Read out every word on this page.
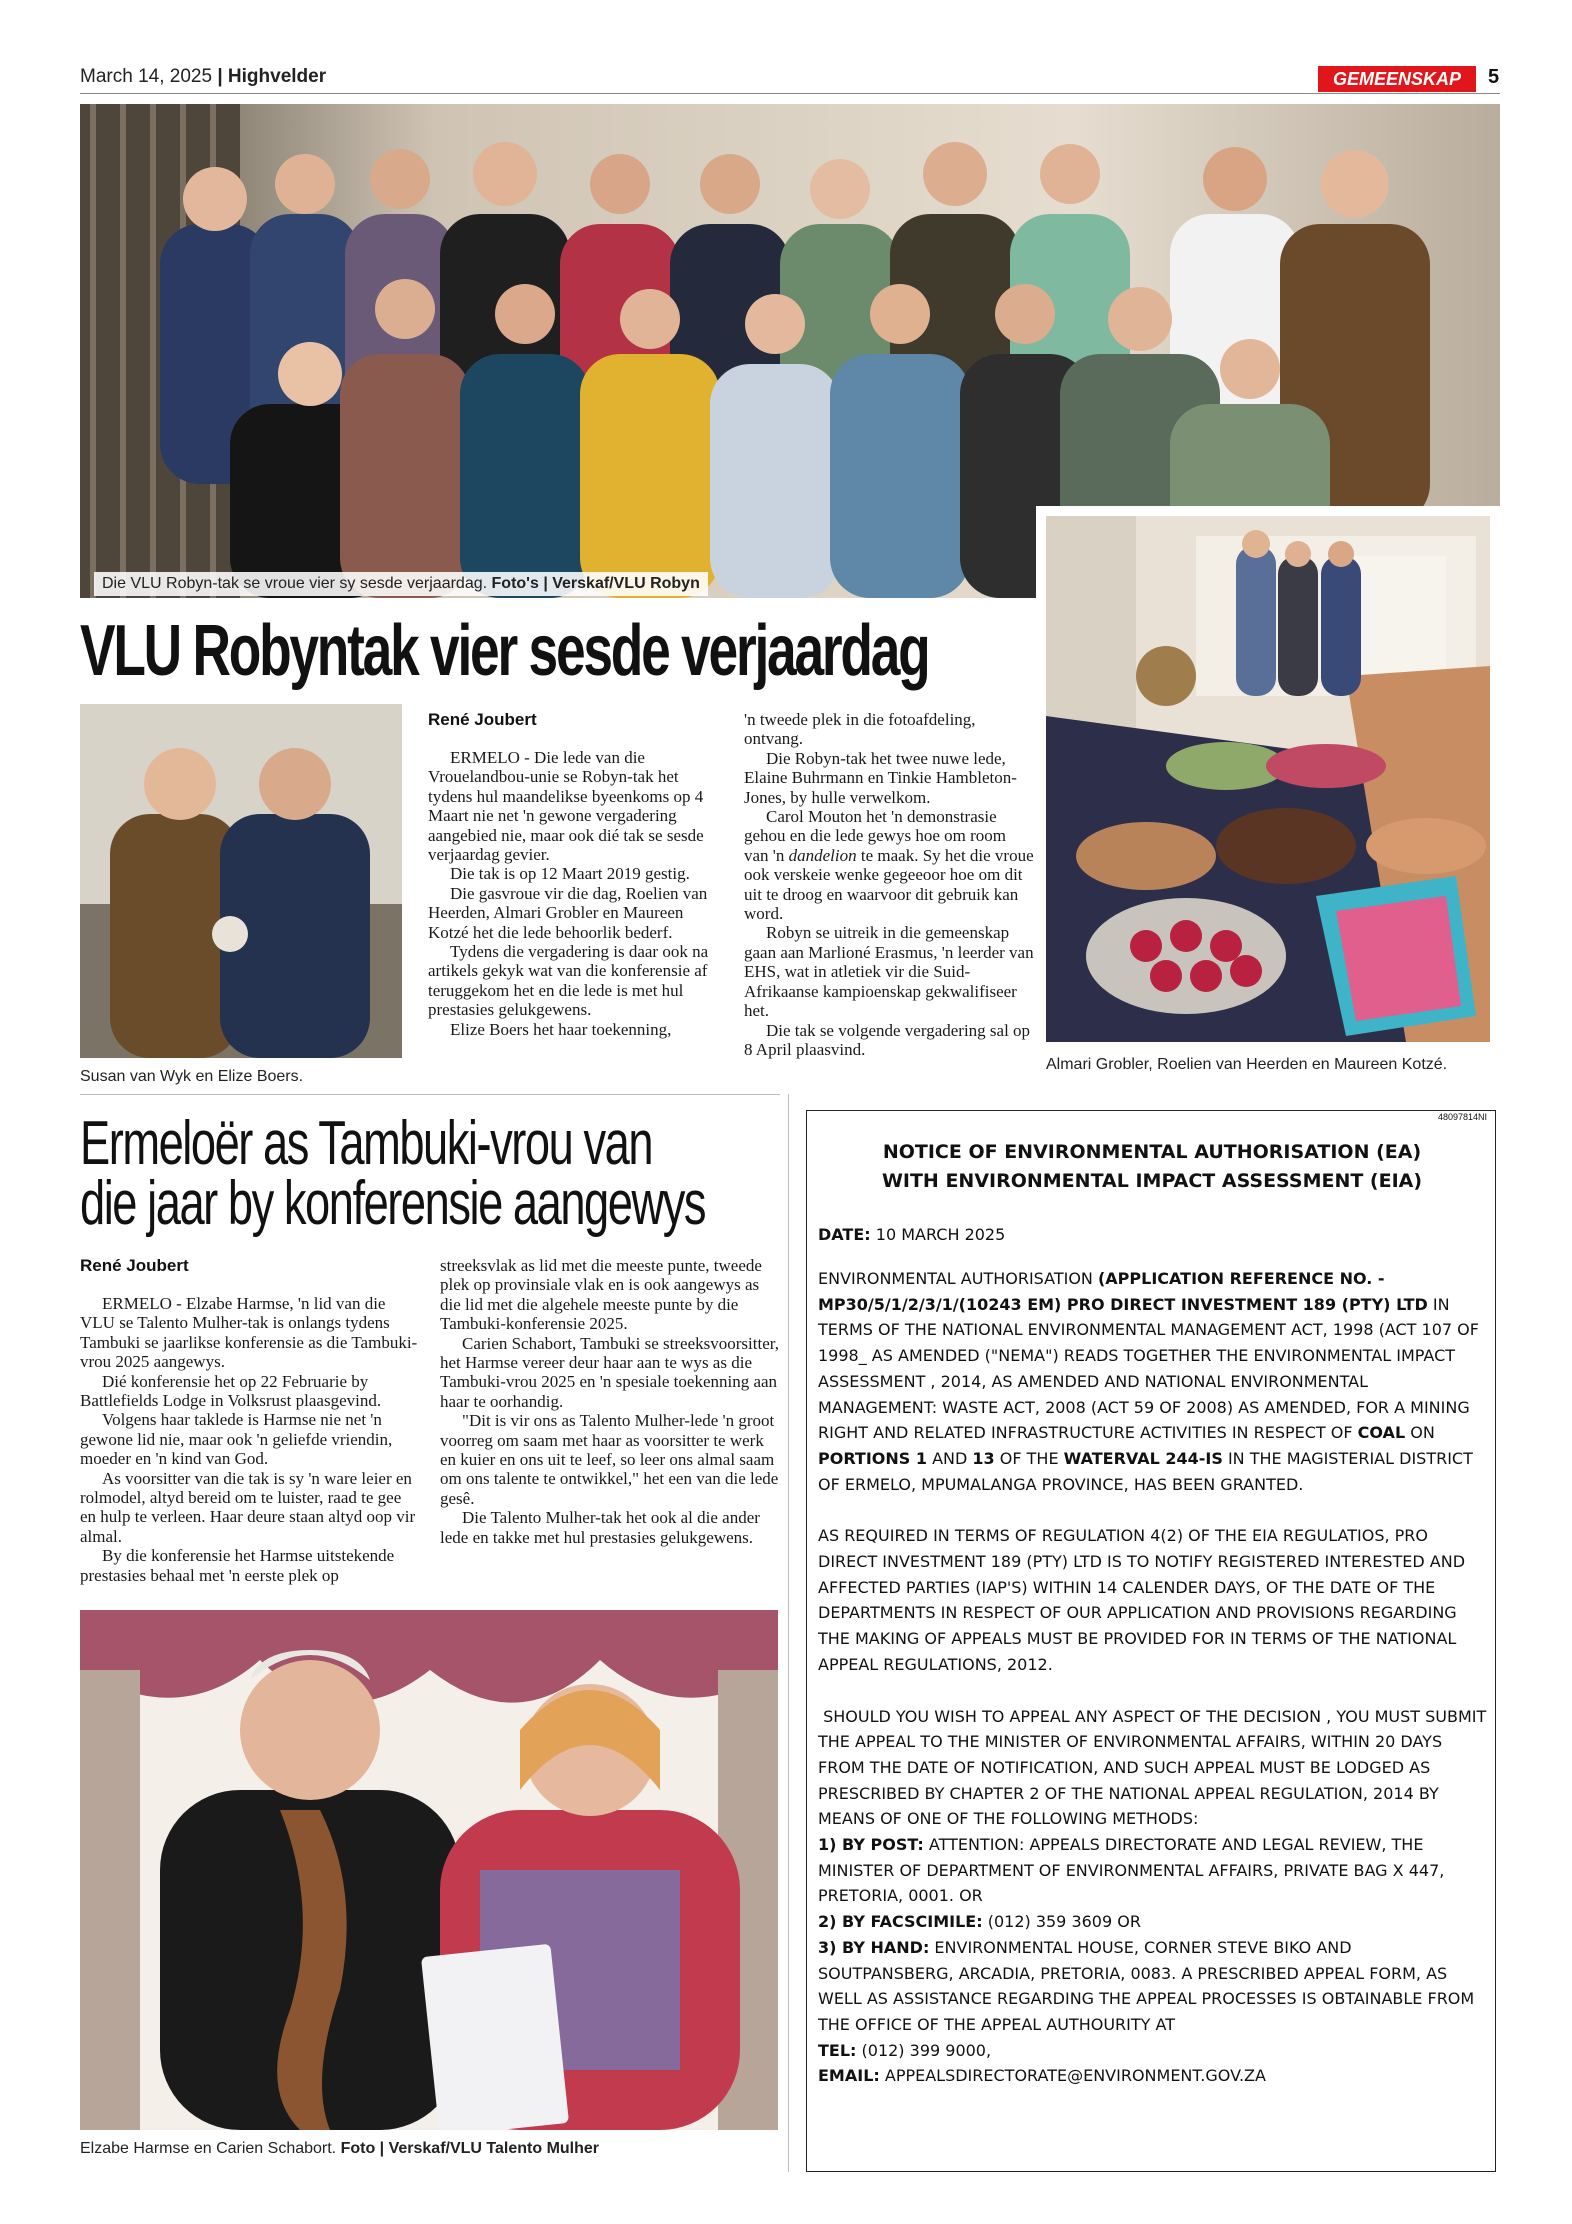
March 14, 2025 | Highvelder	GEMEENSKAP	5
Die VLU Robyn-tak se vroue vier sy sesde verjaardag. Foto's | Verskaf/VLU Robyn
Almari Grobler, Roelien van Heerden en Maureen Kotzé.
VLU Robyntak vier sesde verjaardag
Susan van Wyk en Elize Boers.
René Joubert

ERMELO - Die lede van die Vrouelandbou-unie se Robyn-tak het tydens hul maandelikse byeenkoms op 4 Maart nie net 'n gewone vergadering aangebied nie, maar ook dié tak se sesde verjaardag gevier.

Die tak is op 12 Maart 2019 gestig.

Die gasvroue vir die dag, Roelien van Heerden, Almari Grobler en Maureen Kotzé het die lede behoorlik bederf.

Tydens die vergadering is daar ook na artikels gekyk wat van die konferensie af teruggekom het en die lede is met hul prestasies gelukgewens.

Elize Boers het haar toekenning,

'n tweede plek in die fotoafdeling, ontvang.

Die Robyn-tak het twee nuwe lede, Elaine Buhrmann en Tinkie Hambleton-Jones, by hulle verwelkom.

Carol Mouton het 'n demonstrasie gehou en die lede gewys hoe om room van 'n dandelion te maak. Sy het die vroue ook verskeie wenke gegeeoor hoe om dit uit te droog en waarvoor dit gebruik kan word.

Robyn se uitreik in die gemeenskap gaan aan Marlioné Erasmus, 'n leerder van EHS, wat in atletiek vir die Suid-Afrikaanse kampioenskap gekwalifiseer het.

Die tak se volgende vergadering sal op 8 April plaasvind.

Ermeloër as Tambuki-vrou van
die jaar by konferensie aangewys
René Joubert

ERMELO - Elzabe Harmse, 'n lid van die VLU se Talento Mulher-tak is onlangs tydens Tambuki se jaarlikse konferensie as die Tambuki-vrou 2025 aangewys.

Dié konferensie het op 22 Februarie by Battlefields Lodge in Volksrust plaasgevind.

Volgens haar taklede is Harmse nie net 'n gewone lid nie, maar ook 'n geliefde vriendin, moeder en 'n kind van God.

As voorsitter van die tak is sy 'n ware leier en rolmodel, altyd bereid om te luister, raad te gee en hulp te verleen. Haar deure staan altyd oop vir almal.

By die konferensie het Harmse uitstekende prestasies behaal met 'n eerste plek op

streeksvlak as lid met die meeste punte, tweede plek op provinsiale vlak en is ook aangewys as die lid met die algehele meeste punte by die Tambuki-konferensie 2025.

Carien Schabort, Tambuki se streeksvoorsitter, het Harmse vereer deur haar aan te wys as die Tambuki-vrou 2025 en 'n spesiale toekenning aan haar te oorhandig.

"Dit is vir ons as Talento Mulher-lede 'n groot voorreg om saam met haar as voorsitter te werk en kuier en ons uit te leef, so leer ons almal saam om ons talente te ontwikkel," het een van die lede gesê.

Die Talento Mulher-tak het ook al die ander lede en takke met hul prestasies gelukgewens.

Elzabe Harmse en Carien Schabort. Foto | Verskaf/VLU Talento Mulher
48097814NI
NOTICE OF ENVIRONMENTAL AUTHORISATION (EA)
WITH ENVIRONMENTAL IMPACT ASSESSMENT (EIA)
DATE: 10 MARCH 2025
ENVIRONMENTAL AUTHORISATION (APPLICATION REFERENCE NO. - MP30/5/1/2/3/1/(10243 EM) PRO DIRECT INVESTMENT 189 (PTY) LTD IN TERMS OF THE NATIONAL ENVIRONMENTAL MANAGEMENT ACT, 1998 (ACT 107 OF 1998_ AS AMENDED ("NEMA") READS TOGETHER THE ENVIRONMENTAL IMPACT ASSESSMENT , 2014, AS AMENDED AND NATIONAL ENVIRONMENTAL MANAGEMENT: WASTE ACT, 2008 (ACT 59 OF 2008) AS AMENDED, FOR A MINING RIGHT AND RELATED INFRASTRUCTURE ACTIVITIES IN RESPECT OF COAL ON PORTIONS 1 AND 13 OF THE WATERVAL 244-IS IN THE MAGISTERIAL DISTRICT OF ERMELO, MPUMALANGA PROVINCE, HAS BEEN GRANTED.
AS REQUIRED IN TERMS OF REGULATION 4(2) OF THE EIA REGULATIOS, PRO DIRECT INVESTMENT 189 (PTY) LTD IS TO NOTIFY REGISTERED INTERESTED AND AFFECTED PARTIES (IAP'S) WITHIN 14 CALENDER DAYS, OF THE DATE OF THE DEPARTMENTS IN RESPECT OF OUR APPLICATION AND PROVISIONS REGARDING THE MAKING OF APPEALS MUST BE PROVIDED FOR IN TERMS OF THE NATIONAL APPEAL REGULATIONS, 2012.
SHOULD YOU WISH TO APPEAL ANY ASPECT OF THE DECISION , YOU MUST SUBMIT THE APPEAL TO THE MINISTER OF ENVIRONMENTAL AFFAIRS, WITHIN 20 DAYS FROM THE DATE OF NOTIFICATION, AND SUCH APPEAL MUST BE LODGED AS PRESCRIBED BY CHAPTER 2 OF THE NATIONAL APPEAL REGULATION, 2014 BY MEANS OF ONE OF THE FOLLOWING METHODS:
1) BY POST: ATTENTION: APPEALS DIRECTORATE AND LEGAL REVIEW, THE MINISTER OF DEPARTMENT OF ENVIRONMENTAL AFFAIRS, PRIVATE BAG X 447, PRETORIA, 0001. OR
2) BY FACSCIMILE: (012) 359 3609 OR
3) BY HAND: ENVIRONMENTAL HOUSE, CORNER STEVE BIKO AND SOUTPANSBERG, ARCADIA, PRETORIA, 0083. A PRESCRIBED APPEAL FORM, AS WELL AS ASSISTANCE REGARDING THE APPEAL PROCESSES IS OBTAINABLE FROM THE OFFICE OF THE APPEAL AUTHOURITY AT
TEL: (012) 399 9000,
EMAIL: APPEALSDIRECTORATE@ENVIRONMENT.GOV.ZA
